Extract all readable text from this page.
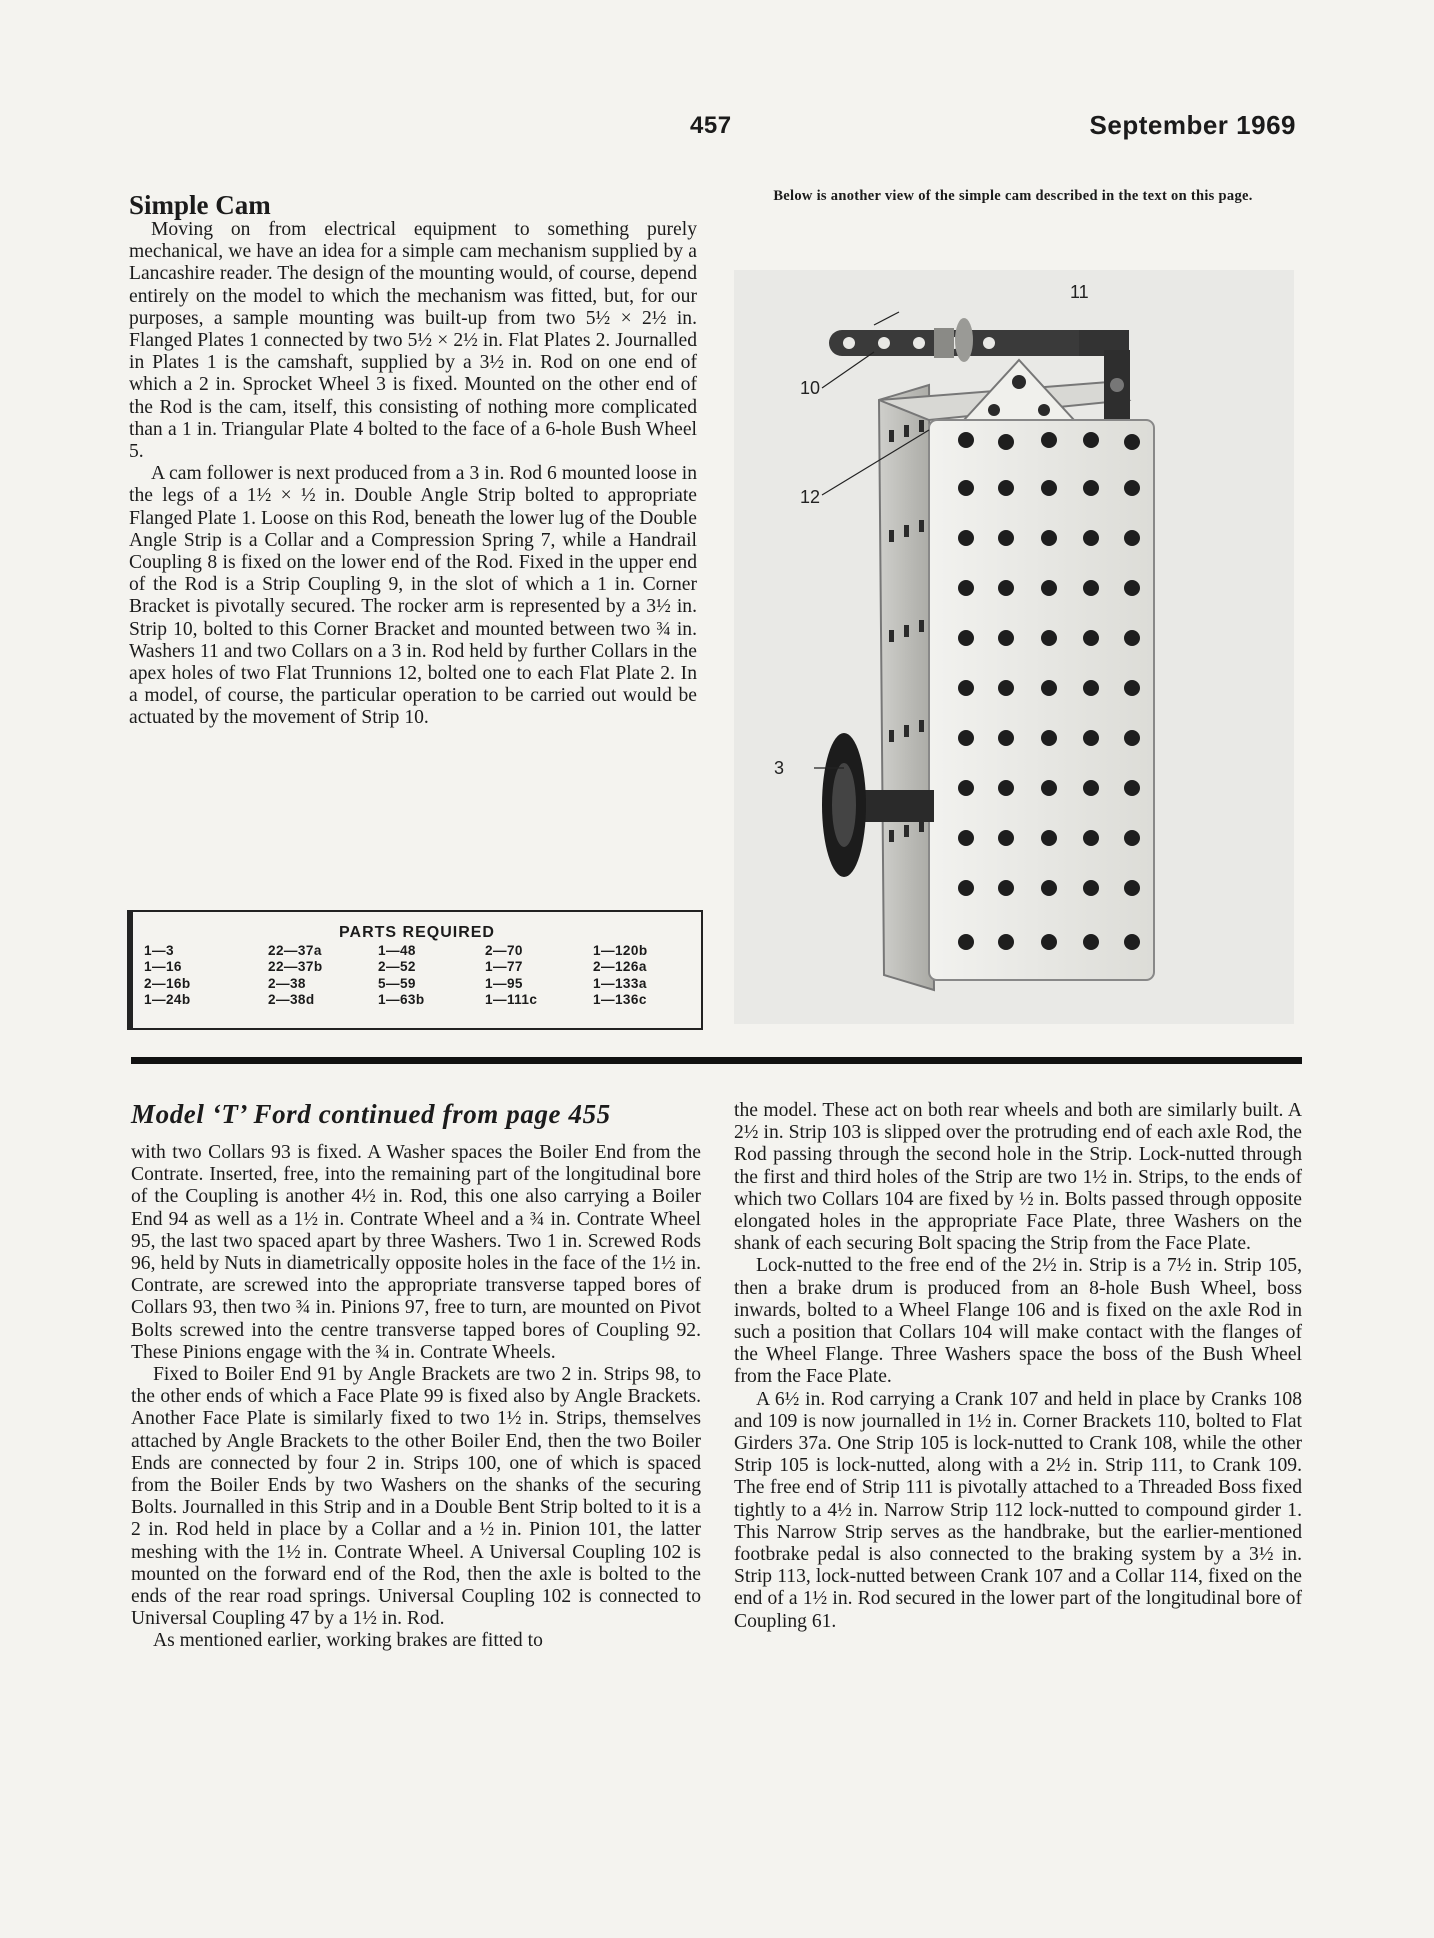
457	September 1969
Simple Cam

Moving on from electrical equipment to something purely mechanical, we have an idea for a simple cam mechanism supplied by a Lancashire reader. The design of the mounting would, of course, depend entirely on the model to which the mechanism was fitted, but, for our purposes, a sample mounting was built-up from two 5½ × 2½ in. Flanged Plates 1 connected by two 5½ × 2½ in. Flat Plates 2. Journalled in Plates 1 is the camshaft, supplied by a 3½ in. Rod on one end of which a 2 in. Sprocket Wheel 3 is fixed. Mounted on the other end of the Rod is the cam, itself, this consisting of nothing more complicated than a 1 in. Triangular Plate 4 bolted to the face of a 6-hole Bush Wheel 5.

A cam follower is next produced from a 3 in. Rod 6 mounted loose in the legs of a 1½ × ½ in. Double Angle Strip bolted to appropriate Flanged Plate 1. Loose on this Rod, beneath the lower lug of the Double Angle Strip is a Collar and a Compression Spring 7, while a Handrail Coupling 8 is fixed on the lower end of the Rod. Fixed in the upper end of the Rod is a Strip Coupling 9, in the slot of which a 1 in. Corner Bracket is pivotally secured. The rocker arm is represented by a 3½ in. Strip 10, bolted to this Corner Bracket and mounted between two ¾ in. Washers 11 and two Collars on a 3 in. Rod held by further Collars in the apex holes of two Flat Trunnions 12, bolted one to each Flat Plate 2. In a model, of course, the particular operation to be carried out would be actuated by the movement of Strip 10.

Below is another view of the simple cam described in the text on this page.
11
10
12
3
PARTS REQUIRED
1—3
1—16
2—16b
1—24b
22—37a
22—37b
2—38
2—38d
1—48
2—52
5—59
1—63b
2—70
1—77
1—95
1—111c
1—120b
2—126a
1—133a
1—136c
Model ‘T’ Ford continued from page 455

with two Collars 93 is fixed. A Washer spaces the Boiler End from the Contrate. Inserted, free, into the remaining part of the longitudinal bore of the Coupling is another 4½ in. Rod, this one also carrying a Boiler End 94 as well as a 1½ in. Contrate Wheel and a ¾ in. Contrate Wheel 95, the last two spaced apart by three Washers. Two 1 in. Screwed Rods 96, held by Nuts in diametrically opposite holes in the face of the 1½ in. Contrate, are screwed into the appropriate transverse tapped bores of Collars 93, then two ¾ in. Pinions 97, free to turn, are mounted on Pivot Bolts screwed into the centre transverse tapped bores of Coupling 92. These Pinions engage with the ¾ in. Contrate Wheels.

Fixed to Boiler End 91 by Angle Brackets are two 2 in. Strips 98, to the other ends of which a Face Plate 99 is fixed also by Angle Brackets. Another Face Plate is similarly fixed to two 1½ in. Strips, themselves attached by Angle Brackets to the other Boiler End, then the two Boiler Ends are connected by four 2 in. Strips 100, one of which is spaced from the Boiler Ends by two Washers on the shanks of the securing Bolts. Journalled in this Strip and in a Double Bent Strip bolted to it is a 2 in. Rod held in place by a Collar and a ½ in. Pinion 101, the latter meshing with the 1½ in. Contrate Wheel. A Universal Coupling 102 is mounted on the forward end of the Rod, then the axle is bolted to the ends of the rear road springs. Universal Coupling 102 is connected to Universal Coupling 47 by a 1½ in. Rod.

As mentioned earlier, working brakes are fitted to

the model. These act on both rear wheels and both are similarly built. A 2½ in. Strip 103 is slipped over the protruding end of each axle Rod, the Rod passing through the second hole in the Strip. Lock-nutted through the first and third holes of the Strip are two 1½ in. Strips, to the ends of which two Collars 104 are fixed by ½ in. Bolts passed through opposite elongated holes in the appropriate Face Plate, three Washers on the shank of each securing Bolt spacing the Strip from the Face Plate.

Lock-nutted to the free end of the 2½ in. Strip is a 7½ in. Strip 105, then a brake drum is produced from an 8-hole Bush Wheel, boss inwards, bolted to a Wheel Flange 106 and is fixed on the axle Rod in such a position that Collars 104 will make contact with the flanges of the Wheel Flange. Three Washers space the boss of the Bush Wheel from the Face Plate.

A 6½ in. Rod carrying a Crank 107 and held in place by Cranks 108 and 109 is now journalled in 1½ in. Corner Brackets 110, bolted to Flat Girders 37a. One Strip 105 is lock-nutted to Crank 108, while the other Strip 105 is lock-nutted, along with a 2½ in. Strip 111, to Crank 109. The free end of Strip 111 is pivotally attached to a Threaded Boss fixed tightly to a 4½ in. Narrow Strip 112 lock-nutted to compound girder 1. This Narrow Strip serves as the handbrake, but the earlier-mentioned footbrake pedal is also connected to the braking system by a 3½ in. Strip 113, lock-nutted between Crank 107 and a Collar 114, fixed on the end of a 1½ in. Rod secured in the lower part of the longitudinal bore of Coupling 61.
